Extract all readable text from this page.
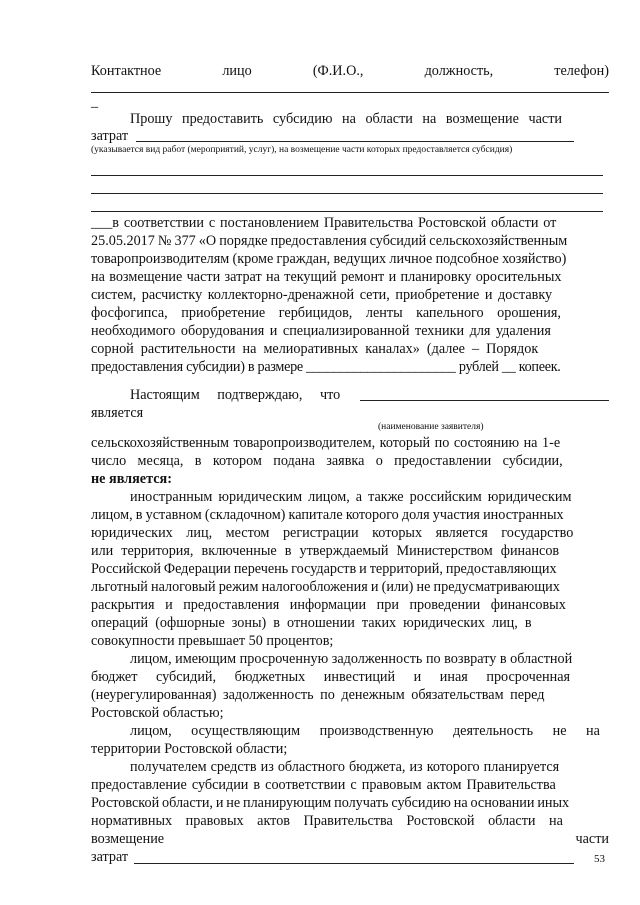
Контактное	лицо	(Ф.И.О.,	должность,	телефон)
_
Прошу предоставить субсидию на области на возмещение части
затрат
(указывается вид работ (мероприятий, услуг), на возмещение части которых предоставляется субсидия)
___в соответствии с постановлением Правительства Ростовской области от
25.05.2017 № 377 «О порядке предоставления субсидий сельскохозяйственным
товаропроизводителям (кроме граждан, ведущих личное подсобное хозяйство)
на возмещение части затрат на текущий ремонт и планировку оросительных
систем, расчистку коллекторно-дренажной сети, приобретение и доставку
фосфогипса, приобретение гербицидов, ленты капельного орошения,
необходимого оборудования и специализированной техники для удаления
сорной растительности на мелиоративных каналах» (далее – Порядок
предоставления субсидии) в размере ______________________ рублей __ копеек.
Настоящим подтверждаю, что
является
(наименование заявителя)
сельскохозяйственным товаропроизводителем, который по состоянию на 1-е
число месяца, в котором подана заявка о предоставлении субсидии,
не является:
иностранным юридическим лицом, а также российским юридическим
лицом, в уставном (складочном) капитале которого доля участия иностранных
юридических лиц, местом регистрации которых является государство
или территория, включенные в утверждаемый Министерством финансов
Российской Федерации перечень государств и территорий, предоставляющих
льготный налоговый режим налогообложения и (или) не предусматривающих
раскрытия и предоставления информации при проведении финансовых
операций (офшорные зоны) в отношении таких юридических лиц, в
совокупности превышает 50 процентов;
лицом, имеющим просроченную задолженность по возврату в областной
бюджет субсидий, бюджетных инвестиций и иная просроченная
(неурегулированная) задолженность по денежным обязательствам перед
Ростовской областью;
лицом, осуществляющим производственную деятельность не на
территории Ростовской области;
получателем средств из областного бюджета, из которого планируется
предоставление субсидии в соответствии с правовым актом Правительства
Ростовской области, и не планирующим получать субсидию на основании иных
нормативных правовых актов Правительства Ростовской области на
возмещение	части
затрат	53
